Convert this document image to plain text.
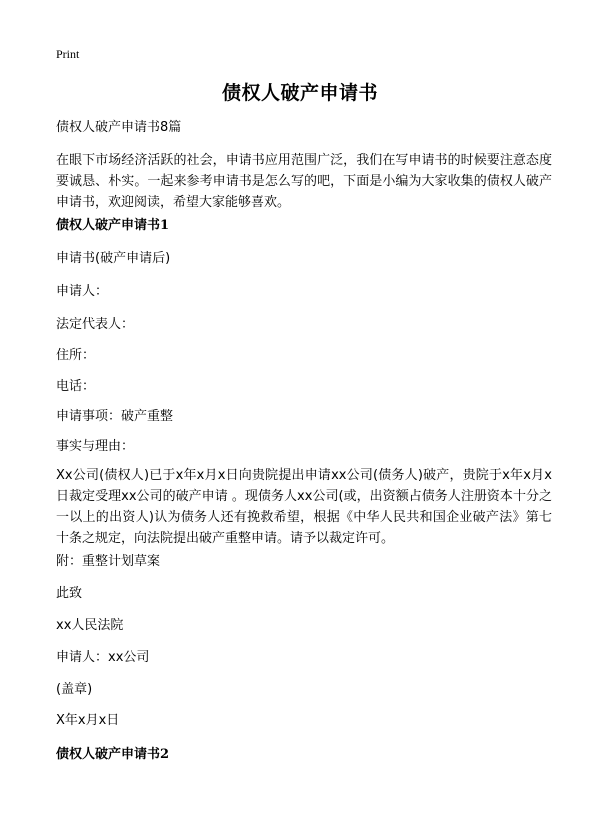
Print
债权人破产申请书

债权人破产申请书8篇

在眼下市场经济活跃的社会，申请书应用范围广泛，我们在写申请书的时候要注意态度要诚恳、朴实。一起来参考申请书是怎么写的吧，下面是小编为大家收集的债权人破产申请书，欢迎阅读，希望大家能够喜欢。

债权人破产申请书1

申请书(破产申请后)

申请人：

法定代表人：

住所：

电话：

申请事项：破产重整

事实与理由：

Xx公司(债权人)已于x年x月x日向贵院提出申请xx公司(债务人)破产，贵院于x年x月x日裁定受理xx公司的破产申请 。现债务人xx公司(或，出资额占债务人注册资本十分之一以上的出资人)认为债务人还有挽救希望，根据《中华人民共和国企业破产法》第七十条之规定，向法院提出破产重整申请。请予以裁定许可。

附：重整计划草案

此致

xx人民法院

申请人：xx公司

(盖章)

X年x月x日

债权人破产申请书2
